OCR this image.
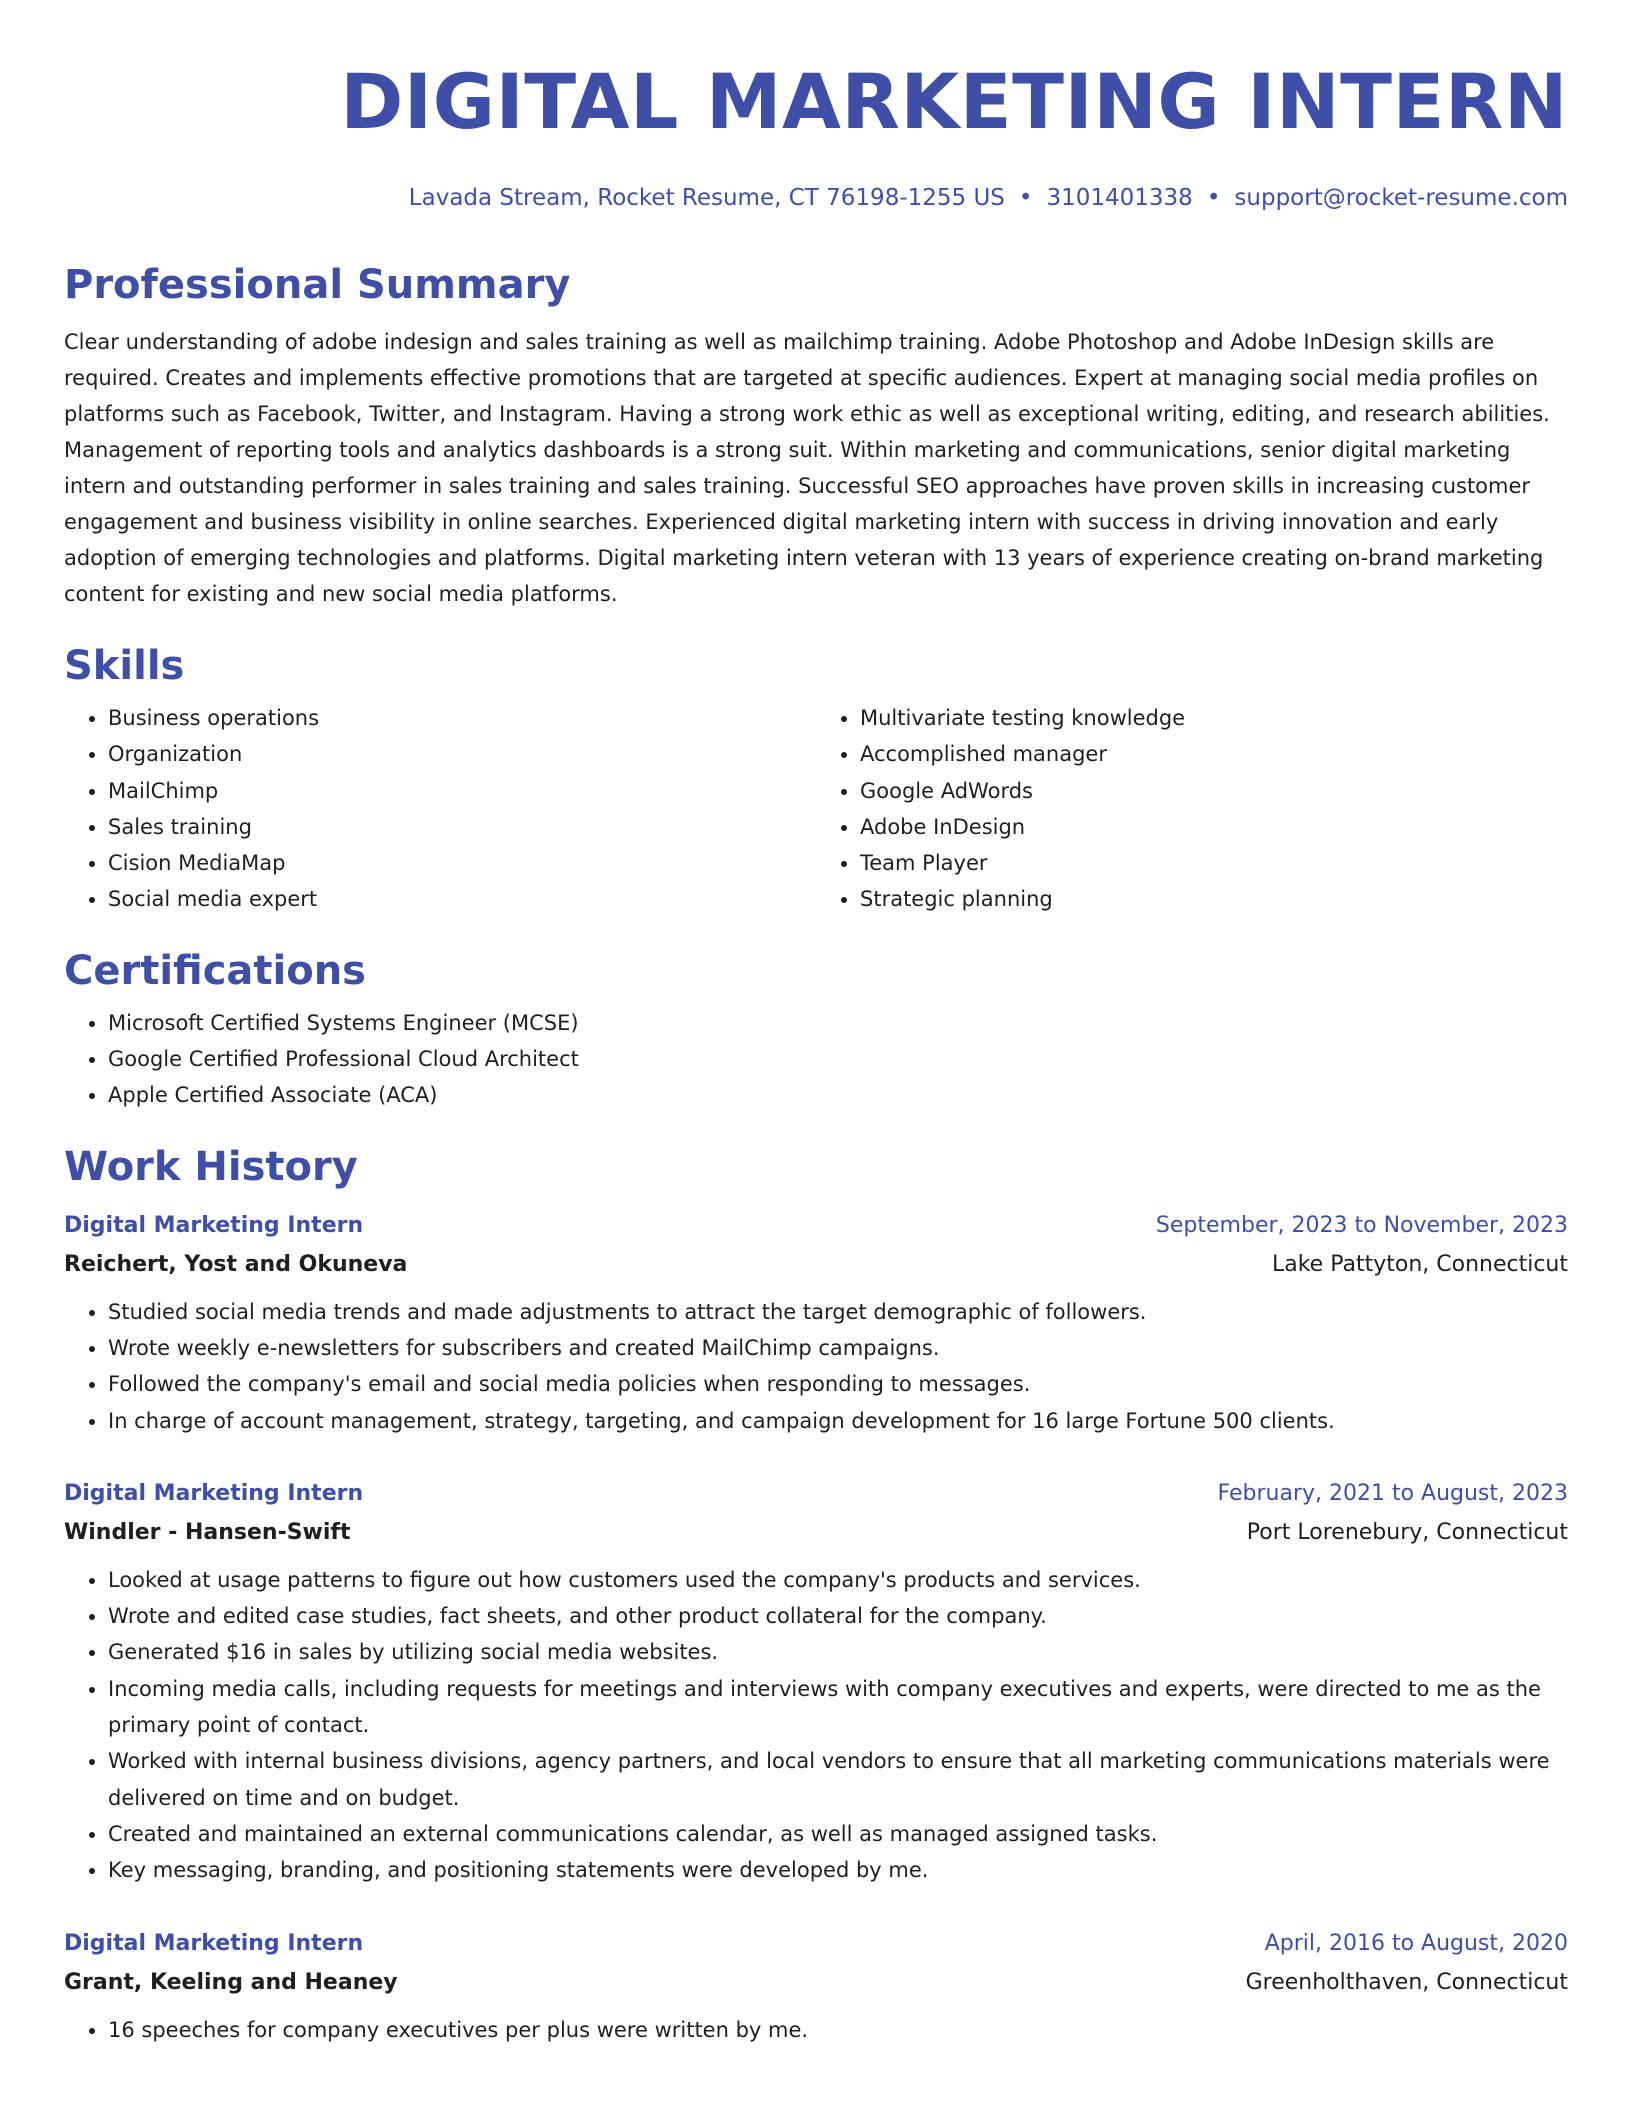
DIGITAL MARKETING INTERN
Lavada Stream, Rocket Resume, CT 76198-1255 US • 3101401338 • support@rocket-resume.com
Professional Summary

Clear understanding of adobe indesign and sales training as well as mailchimp training. Adobe Photoshop and Adobe InDesign skills are required. Creates and implements effective promotions that are targeted at specific audiences. Expert at managing social media profiles on platforms such as Facebook, Twitter, and Instagram. Having a strong work ethic as well as exceptional writing, editing, and research abilities. Management of reporting tools and analytics dashboards is a strong suit. Within marketing and communications, senior digital marketing intern and outstanding performer in sales training and sales training. Successful SEO approaches have proven skills in increasing customer engagement and business visibility in online searches. Experienced digital marketing intern with success in driving innovation and early adoption of emerging technologies and platforms. Digital marketing intern veteran with 13 years of experience creating on-brand marketing content for existing and new social media platforms.

Skills
• Business operations
• Organization
• MailChimp
• Sales training
• Cision MediaMap
• Social media expert
• Multivariate testing knowledge
• Accomplished manager
• Google AdWords
• Adobe InDesign
• Team Player
• Strategic planning
Certifications
• Microsoft Certified Systems Engineer (MCSE)
• Google Certified Professional Cloud Architect
• Apple Certified Associate (ACA)
Work History
Digital Marketing Intern	September, 2023 to November, 2023
Reichert, Yost and Okuneva	Lake Pattyton, Connecticut
• Studied social media trends and made adjustments to attract the target demographic of followers.
• Wrote weekly e-newsletters for subscribers and created MailChimp campaigns.
• Followed the company's email and social media policies when responding to messages.
• In charge of account management, strategy, targeting, and campaign development for 16 large Fortune 500 clients.
Digital Marketing Intern	February, 2021 to August, 2023
Windler - Hansen-Swift	Port Lorenebury, Connecticut
• Looked at usage patterns to figure out how customers used the company's products and services.
• Wrote and edited case studies, fact sheets, and other product collateral for the company.
• Generated $16 in sales by utilizing social media websites.
• Incoming media calls, including requests for meetings and interviews with company executives and experts, were directed to me as the primary point of contact.
• Worked with internal business divisions, agency partners, and local vendors to ensure that all marketing communications materials were delivered on time and on budget.
• Created and maintained an external communications calendar, as well as managed assigned tasks.
• Key messaging, branding, and positioning statements were developed by me.
Digital Marketing Intern	April, 2016 to August, 2020
Grant, Keeling and Heaney	Greenholthaven, Connecticut
• 16 speeches for company executives per plus were written by me.
